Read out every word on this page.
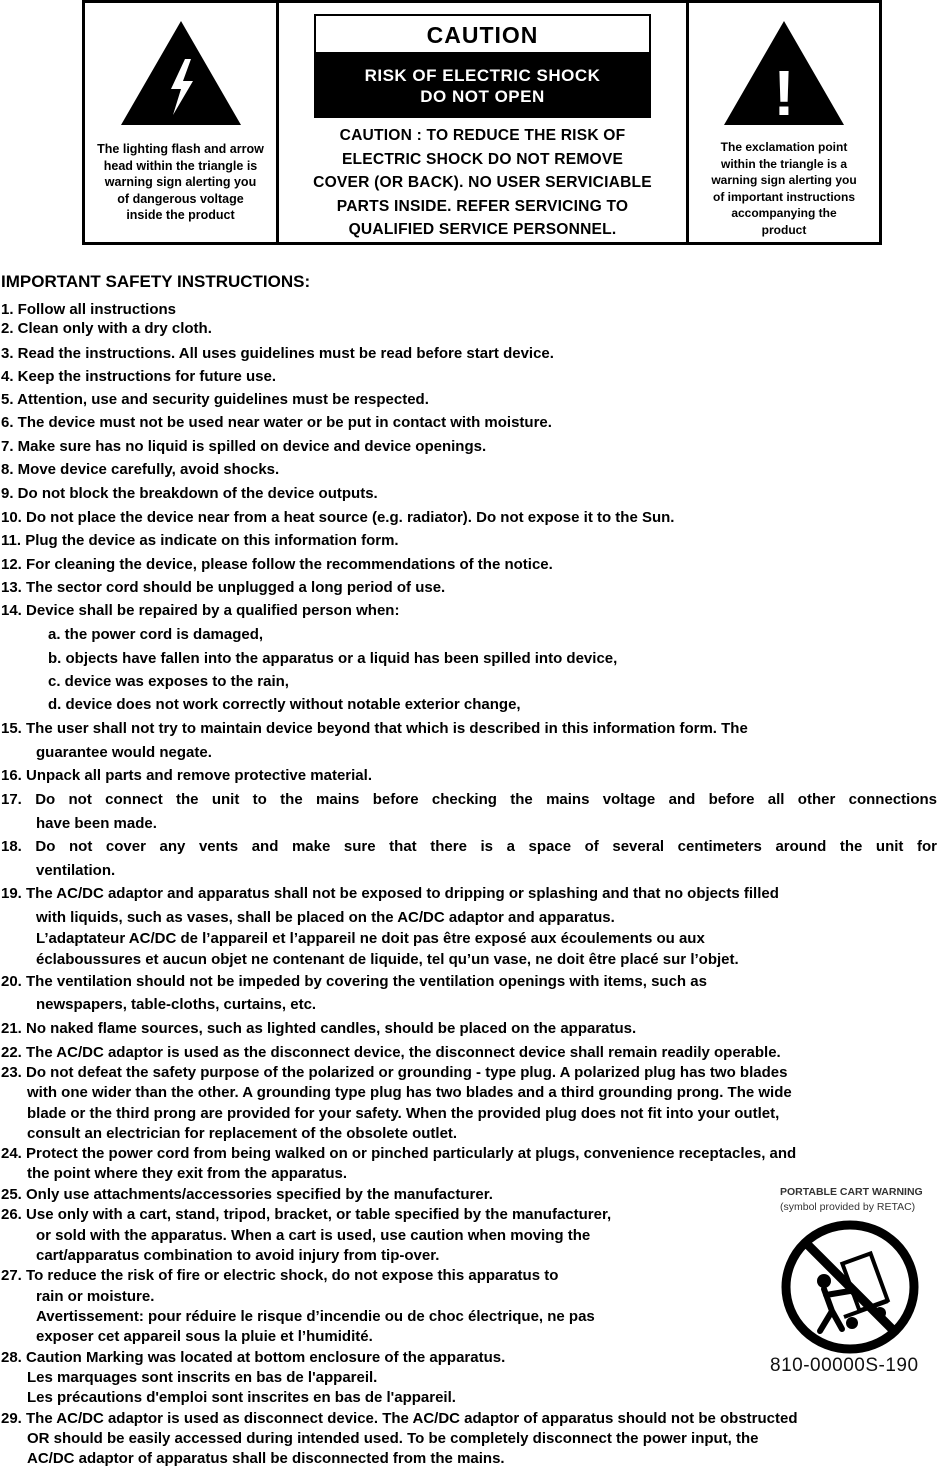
The lighting flash and arrow
head within the triangle is
warning sign alerting you
of dangerous voltage
inside the product
CAUTION
RISK OF ELECTRIC SHOCK
DO NOT OPEN
CAUTION : TO REDUCE THE RISK OF
ELECTRIC SHOCK DO NOT REMOVE
COVER (OR BACK). NO USER SERVICIABLE
PARTS INSIDE. REFER SERVICING TO
QUALIFIED SERVICE PERSONNEL.
!
The exclamation point
within the triangle is a
warning sign alerting you
of important instructions
accompanying the
product
IMPORTANT SAFETY INSTRUCTIONS:
1. Follow all instructions
2. Clean only with a dry cloth.
3. Read the instructions. All uses guidelines must be read before start device.
4. Keep the instructions for future use.
5. Attention, use and security guidelines must be respected.
6. The device must not be used near water or be put in contact with moisture.
7. Make sure has no liquid is spilled on device and device openings.
8. Move device carefully, avoid shocks.
9. Do not block the breakdown of the device outputs.
10. Do not place the device near from a heat source (e.g. radiator). Do not expose it to the Sun.
11. Plug the device as indicate on this information form.
12. For cleaning the device, please follow the recommendations of the notice.
13. The sector cord should be unplugged a long period of use.
14. Device shall be repaired by a qualified person when:
a. the power cord is damaged,
b. objects have fallen into the apparatus or a liquid has been spilled into device,
c. device was exposes to the rain,
d. device does not work correctly without notable exterior change,
15. The user shall not try to maintain device beyond that which is described in this information form. The
guarantee would negate.
16. Unpack all parts and remove protective material.
17. Do not connect the unit to the mains before checking the mains voltage and before all other connections
have been made.
18. Do not cover any vents and make sure that there is a space of several centimeters around the unit for
ventilation.
19. The AC/DC adaptor and apparatus shall not be exposed to dripping or splashing and that no objects filled
with liquids, such as vases, shall be placed on the AC/DC adaptor and apparatus.
L’adaptateur AC/DC de l’appareil et l’appareil ne doit pas être exposé aux écoulements ou aux
éclaboussures et aucun objet ne contenant de liquide, tel qu’un vase, ne doit être placé sur l’objet.
20. The ventilation should not be impeded by covering the ventilation openings with items, such as
newspapers, table-cloths, curtains, etc.
21. No naked flame sources, such as lighted candles, should be placed on the apparatus.
22. The AC/DC adaptor is used as the disconnect device, the disconnect device shall remain readily operable.
23. Do not defeat the safety purpose of the polarized or grounding - type plug. A polarized plug has two blades
with one wider than the other. A grounding type plug has two blades and a third grounding prong. The wide
blade or the third prong are provided for your safety. When the provided plug does not fit into your outlet,
consult an electrician for replacement of the obsolete outlet.
24. Protect the power cord from being walked on or pinched particularly at plugs, convenience receptacles, and
the point where they exit from the apparatus.
25. Only use attachments/accessories specified by the manufacturer.
26. Use only with a cart, stand, tripod, bracket, or table specified by the manufacturer,
or sold with the apparatus. When a cart is used, use caution when moving the
cart/apparatus combination to avoid injury from tip-over.
27. To reduce the risk of fire or electric shock, do not expose this apparatus to
rain or moisture.
Avertissement: pour réduire le risque d’incendie ou de choc électrique, ne pas
exposer cet appareil sous la pluie et l’humidité.
28. Caution Marking was located at bottom enclosure of the apparatus.
Les marquages sont inscrits en bas de l'appareil.
Les précautions d'emploi sont inscrites en bas de l'appareil.
29. The AC/DC adaptor is used as disconnect device. The AC/DC adaptor of apparatus should not be obstructed
OR should be easily accessed during intended used. To be completely disconnect the power input, the
AC/DC adaptor of apparatus shall be disconnected from the mains.
PORTABLE CART WARNING
(symbol provided by RETAC)
810-00000S-190
